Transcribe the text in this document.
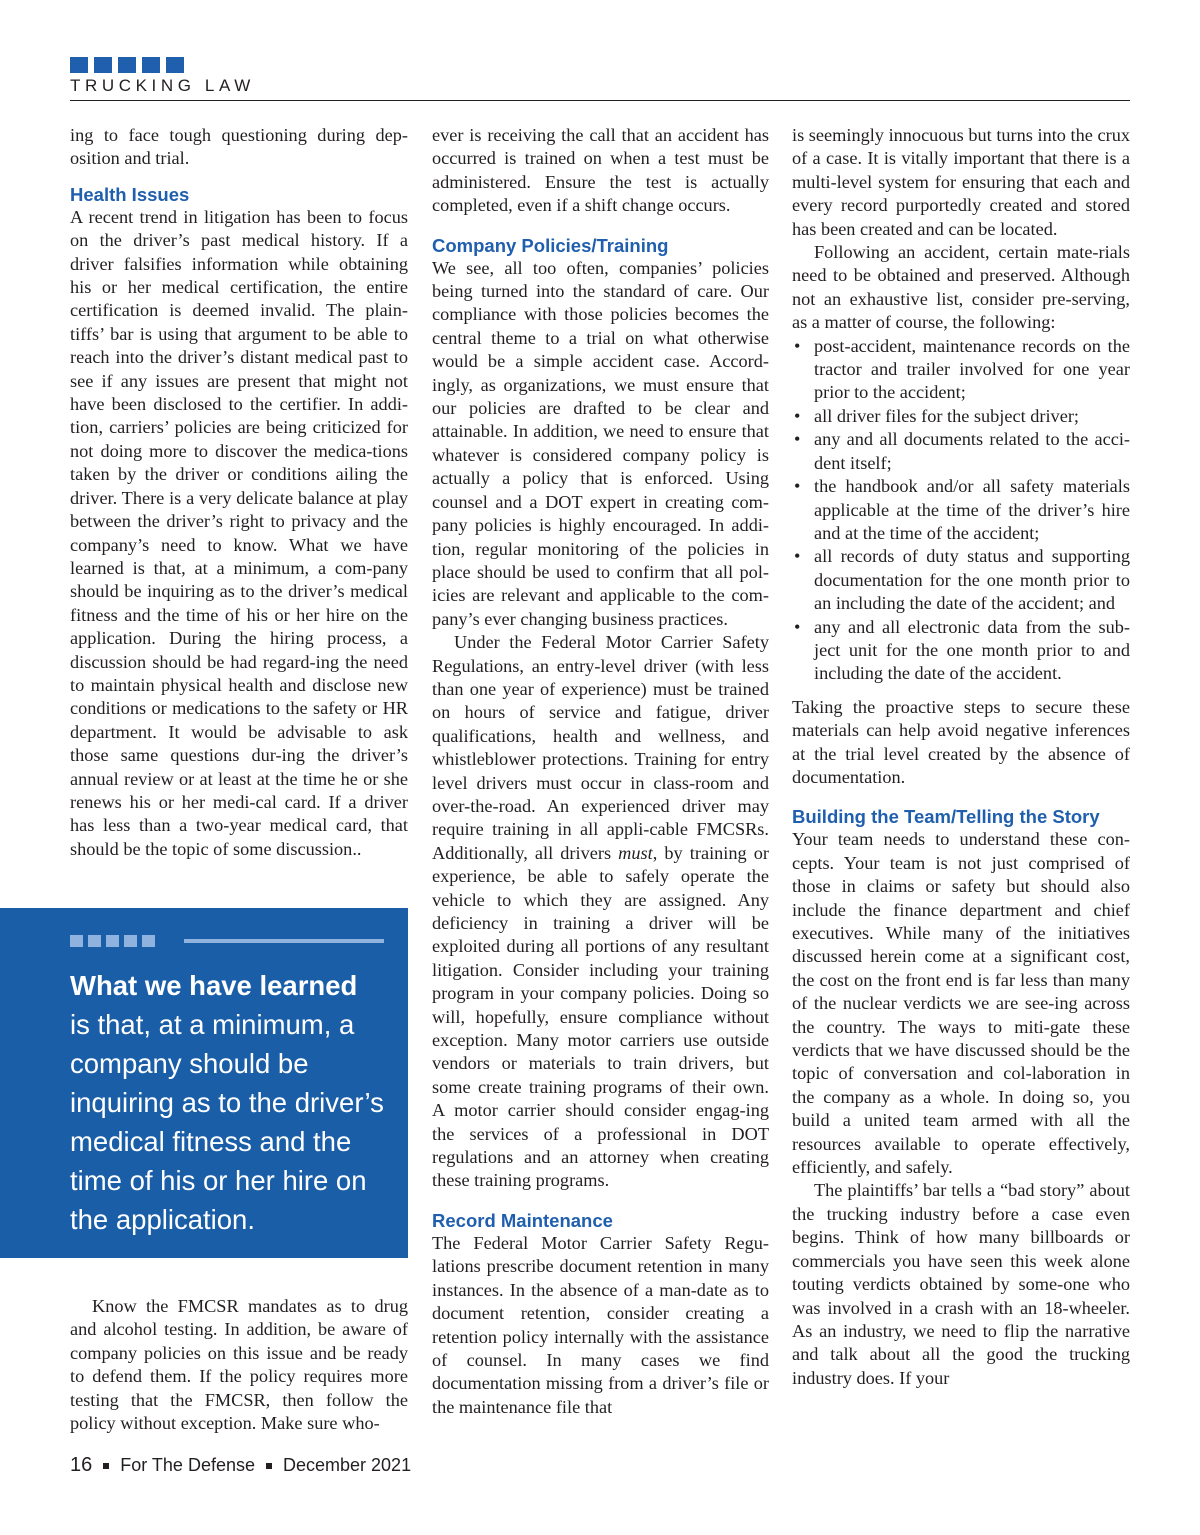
TRUCKING LAW

ing to face tough questioning during dep-osition and trial.

Health Issues

A recent trend in litigation has been to focus on the driver’s past medical history. If a driver falsifies information while obtaining his or her medical certification, the entire certification is deemed invalid. The plain-tiffs’ bar is using that argument to be able to reach into the driver’s distant medical past to see if any issues are present that might not have been disclosed to the certifier. In addi-tion, carriers’ policies are being criticized for not doing more to discover the medica-tions taken by the driver or conditions ailing the driver. There is a very delicate balance at play between the driver’s right to privacy and the company’s need to know. What we have learned is that, at a minimum, a com-pany should be inquiring as to the driver’s medical fitness and the time of his or her hire on the application. During the hiring process, a discussion should be had regard-ing the need to maintain physical health and disclose new conditions or medications to the safety or HR department. It would be advisable to ask those same questions dur-ing the driver’s annual review or at least at the time he or she renews his or her medi-cal card. If a driver has less than a two-year medical card, that should be the topic of some discussion..

What we have learned
is that, at a minimum, a company should be inquiring as to the driver’s medical fitness and the time of his or her hire on the application.

Know the FMCSR mandates as to drug and alcohol testing. In addition, be aware of company policies on this issue and be ready to defend them. If the policy requires more testing that the FMCSR, then follow the policy without exception. Make sure who-

ever is receiving the call that an accident has occurred is trained on when a test must be administered. Ensure the test is actually completed, even if a shift change occurs.

Company Policies/Training

We see, all too often, companies’ policies being turned into the standard of care. Our compliance with those policies becomes the central theme to a trial on what otherwise would be a simple accident case. Accord-ingly, as organizations, we must ensure that our policies are drafted to be clear and attainable. In addition, we need to ensure that whatever is considered company policy is actually a policy that is enforced. Using counsel and a DOT expert in creating com-pany policies is highly encouraged. In addi-tion, regular monitoring of the policies in place should be used to confirm that all pol-icies are relevant and applicable to the com-pany’s ever changing business practices.

Under the Federal Motor Carrier Safety Regulations, an entry-level driver (with less than one year of experience) must be trained on hours of service and fatigue, driver qualifications, health and wellness, and whistleblower protections. Training for entry level drivers must occur in class-room and over-the-road. An experienced driver may require training in all appli-cable FMCSRs. Additionally, all drivers must, by training or experience, be able to safely operate the vehicle to which they are assigned. Any deficiency in training a driver will be exploited during all portions of any resultant litigation. Consider including your training program in your company policies. Doing so will, hopefully, ensure compliance without exception. Many motor carriers use outside vendors or materials to train drivers, but some create training programs of their own. A motor carrier should consider engag-ing the services of a professional in DOT regulations and an attorney when creating these training programs.

Record Maintenance

The Federal Motor Carrier Safety Regu-lations prescribe document retention in many instances. In the absence of a man-date as to document retention, consider creating a retention policy internally with the assistance of counsel. In many cases we find documentation missing from a driver’s file or the maintenance file that

is seemingly innocuous but turns into the crux of a case. It is vitally important that there is a multi-level system for ensuring that each and every record purportedly created and stored has been created and can be located.

Following an accident, certain mate-rials need to be obtained and preserved. Although not an exhaustive list, consider pre-serving, as a matter of course, the following:

• post-accident, maintenance records on the tractor and trailer involved for one year prior to the accident;
• all driver files for the subject driver;
• any and all documents related to the acci-dent itself;
• the handbook and/or all safety materials applicable at the time of the driver’s hire and at the time of the accident;
• all records of duty status and supporting documentation for the one month prior to an including the date of the accident; and
• any and all electronic data from the sub-ject unit for the one month prior to and including the date of the accident.

Taking the proactive steps to secure these materials can help avoid negative inferences at the trial level created by the absence of documentation.

Building the Team/Telling the Story

Your team needs to understand these con-cepts. Your team is not just comprised of those in claims or safety but should also include the finance department and chief executives. While many of the initiatives discussed herein come at a significant cost, the cost on the front end is far less than many of the nuclear verdicts we are see-ing across the country. The ways to miti-gate these verdicts that we have discussed should be the topic of conversation and col-laboration in the company as a whole. In doing so, you build a united team armed with all the resources available to operate effectively, efficiently, and safely.

The plaintiffs’ bar tells a “bad story” about the trucking industry before a case even begins. Think of how many billboards or commercials you have seen this week alone touting verdicts obtained by some-one who was involved in a crash with an 18-wheeler. As an industry, we need to flip the narrative and talk about all the good the trucking industry does. If your

16 For The Defense December 2021
